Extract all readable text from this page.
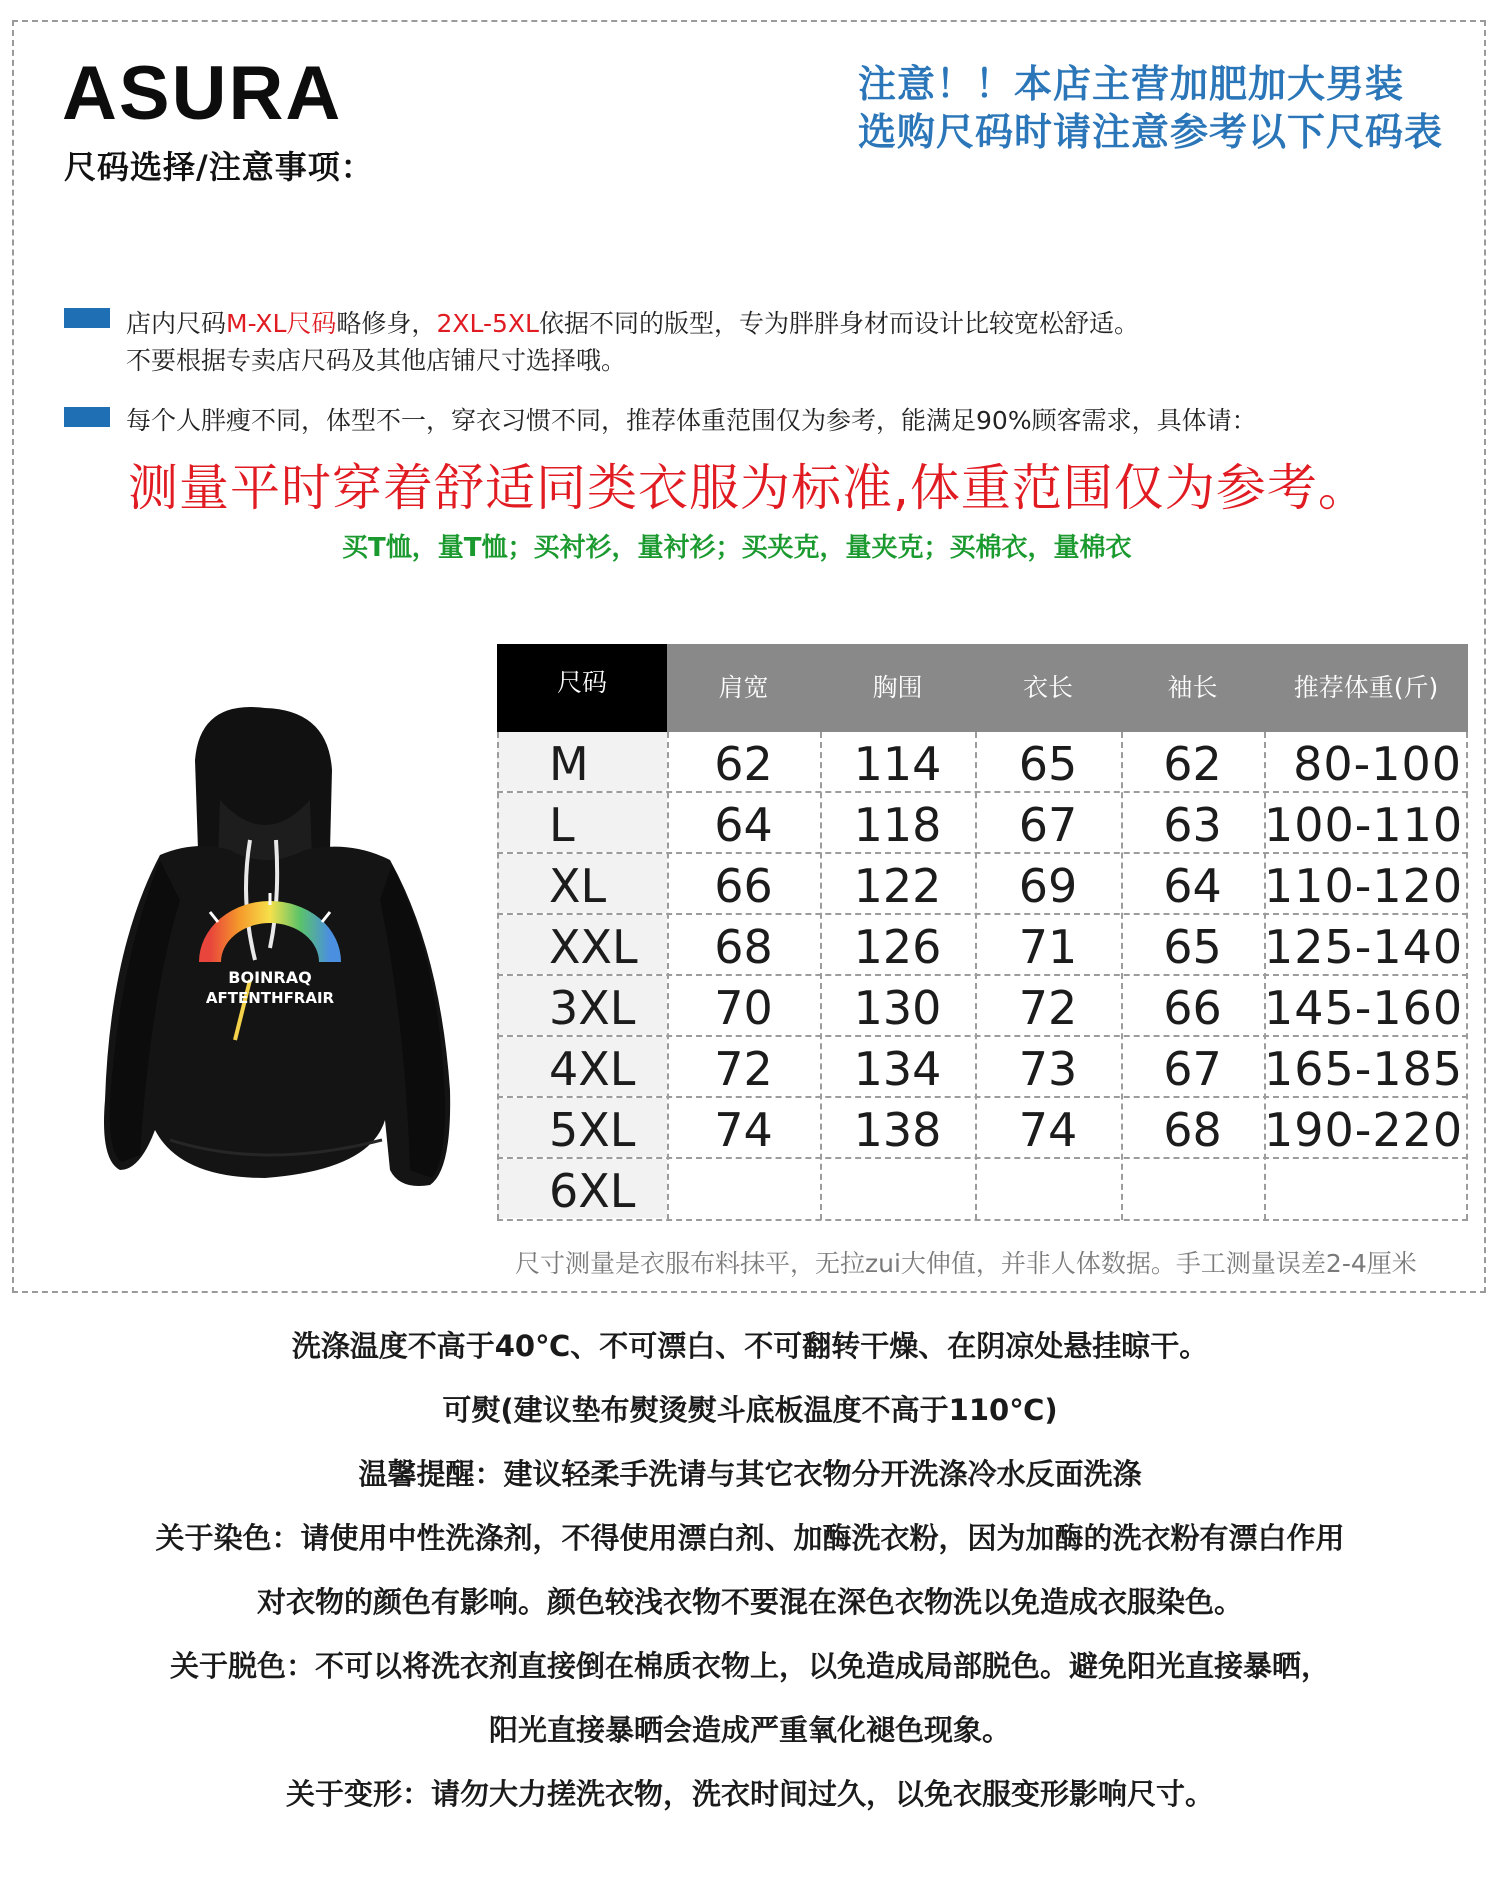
ASURA
尺码选择/注意事项：
注意！！本店主营加肥加大男装
选购尺码时请注意参考以下尺码表
店内尺码M-XL尺码略修身，2XL-5XL依据不同的版型，专为胖胖身材而设计比较宽松舒适。
不要根据专卖店尺码及其他店铺尺寸选择哦。
每个人胖瘦不同，体型不一，穿衣习惯不同，推荐体重范围仅为参考，能满足90%顾客需求，具体请：
测量平时穿着舒适同类衣服为标准,体重范围仅为参考。
买T恤，量T恤；买衬衫，量衬衫；买夹克，量夹克；买棉衣，量棉衣
BOINRAQ
AFTENTHFRAIR
尺码	肩宽	胸围	衣长	袖长	推荐体重(斤)
M	62	114	65	62	80-100
L	64	118	67	63 100-110
XL	66	122	69	64 110-120
XXL	68	126	71	65 125-140
3XL	70	130	72	66 145-160
4XL	72	134	73	67 165-185
5XL	74	138	74	68 190-220
6XL
尺寸测量是衣服布料抹平，无拉zui大伸值，并非人体数据。手工测量误差2-4厘米
洗涤温度不高于40℃、不可漂白、不可翻转干燥、在阴凉处悬挂晾干。
可熨(建议垫布熨烫熨斗底板温度不高于110℃)
温馨提醒：建议轻柔手洗请与其它衣物分开洗涤冷水反面洗涤
关于染色：请使用中性洗涤剂，不得使用漂白剂、加酶洗衣粉，因为加酶的洗衣粉有漂白作用
对衣物的颜色有影响。颜色较浅衣物不要混在深色衣物洗以免造成衣服染色。
关于脱色：不可以将洗衣剂直接倒在棉质衣物上，以免造成局部脱色。避免阳光直接暴晒，
阳光直接暴晒会造成严重氧化褪色现象。
关于变形：请勿大力搓洗衣物，洗衣时间过久，以免衣服变形影响尺寸。
